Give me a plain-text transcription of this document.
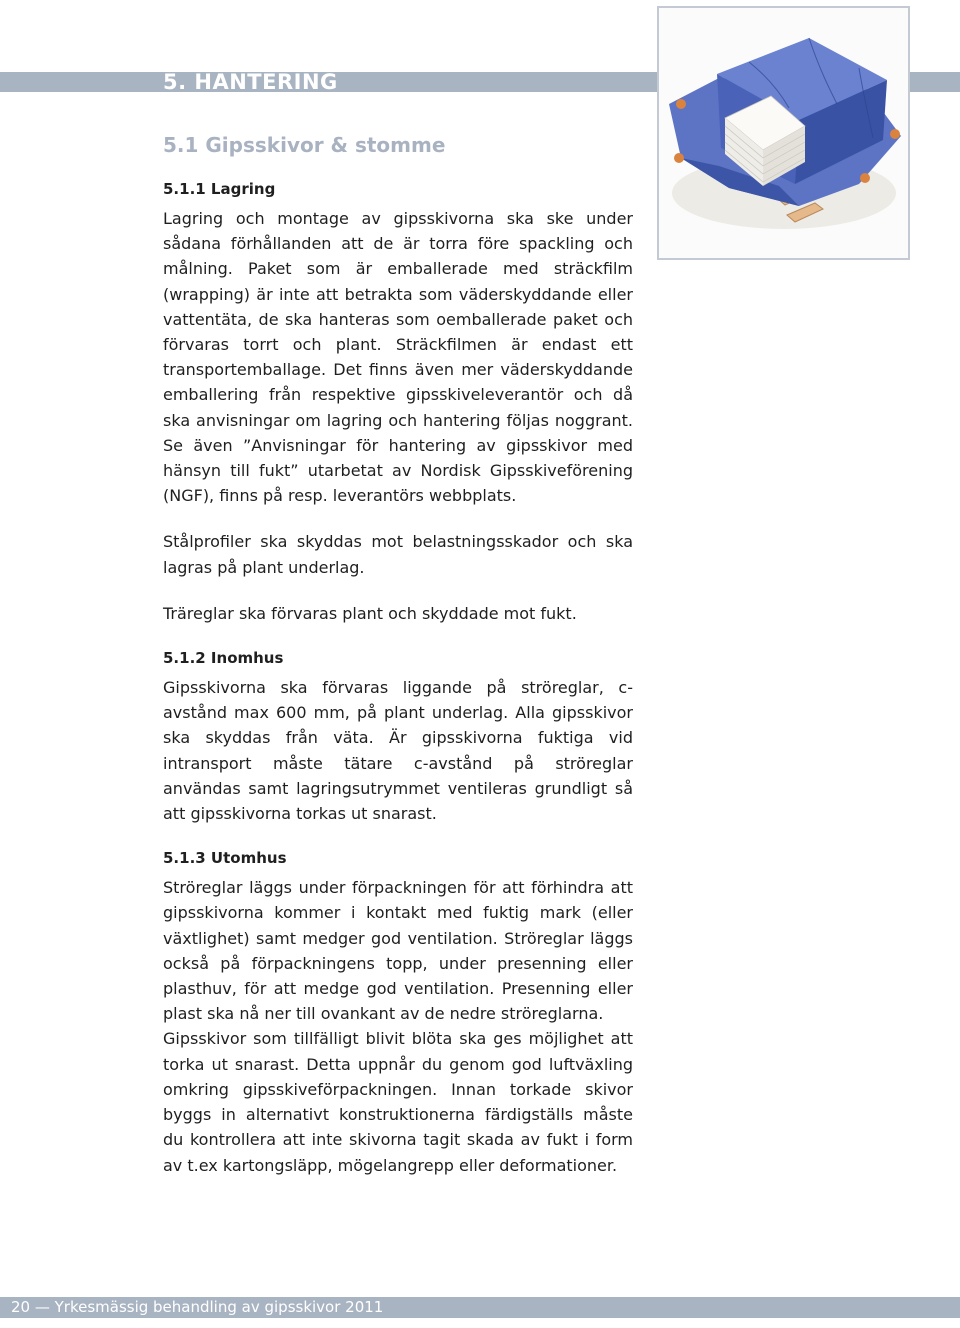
5. HANTERING
5.1 Gipsskivor & stomme
5.1.1 Lagring

Lagring och montage av gipsskivorna ska ske under sådana förhållanden att de är torra före spackling och målning. Paket som är emballerade med sträckfilm (wrapping) är inte att betrakta som väderskyddande eller vattentäta, de ska hanteras som oemballerade paket och förvaras torrt och plant. Sträckfilmen är endast ett transportemballage. Det finns även mer väderskyddande emballering från respektive gipsskiveleverantör och då ska anvisningar om lagring och hantering följas noggrant. Se även ”Anvisningar för hantering av gipsskivor med hänsyn till fukt” utarbetat av Nordisk Gipsskiveförening (NGF), finns på resp. leverantörs webbplats.

Stålprofiler ska skyddas mot belastningsskador och ska lagras på plant underlag.

Träreglar ska förvaras plant och skyddade mot fukt.

5.1.2 Inomhus

Gipsskivorna ska förvaras liggande på ströreglar, c-avstånd max 600 mm, på plant underlag. Alla gipsskivor ska skyddas från väta. Är gipsskivorna fuktiga vid intransport måste tätare c-avstånd på ströreglar användas samt lagringsutrymmet ventileras grundligt så att gipsskivorna torkas ut snarast.

5.1.3 Utomhus

Ströreglar läggs under förpackningen för att förhindra att gipsskivorna kommer i kontakt med fuktig mark (eller växtlighet) samt medger god ventilation. Ströreglar läggs också på förpackningens topp, under presenning eller plasthuv, för att medge god ventilation. Presenning eller plast ska nå ner till ovankant av de nedre ströreglarna.

Gipsskivor som tillfälligt blivit blöta ska ges möjlighet att torka ut snarast. Detta uppnår du genom god luftväxling omkring gipsskiveförpackningen. Innan torkade skivor byggs in alternativt konstruktionerna färdigställs måste du kontrollera att inte skivorna tagit skada av fukt i form av t.ex kartongsläpp, mögelangrepp eller deformationer.

20 — Yrkesmässig behandling av gipsskivor 2011
